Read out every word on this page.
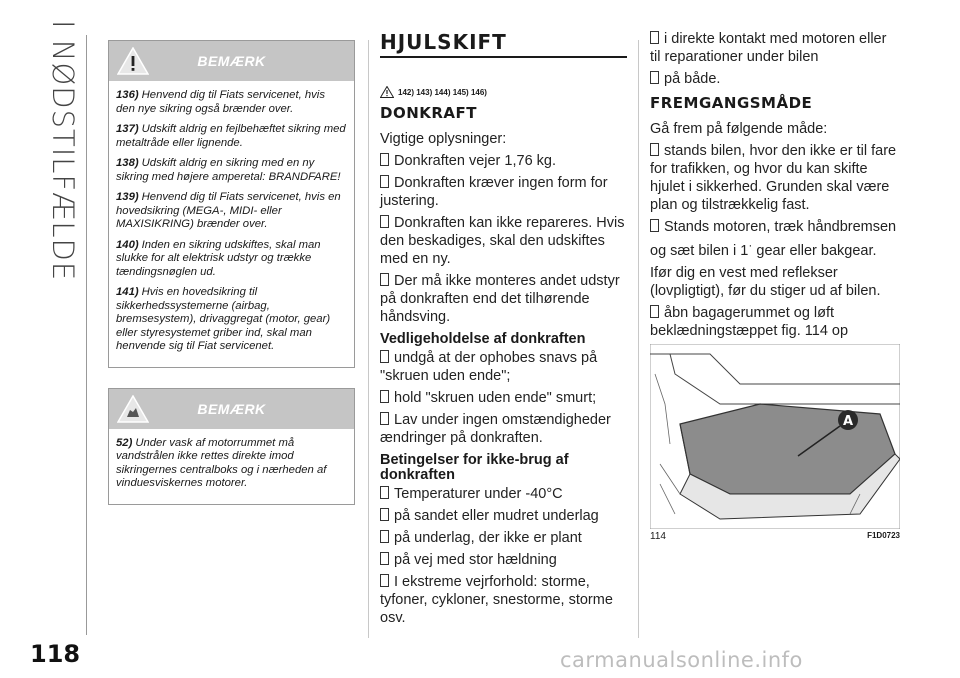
I NØDSTILFÆLDE
118	carmanualsonline.info
BEMÆRK

136) Henvend dig til Fiats servicenet, hvis den nye sikring også brænder over.

137) Udskift aldrig en fejlbehæftet sikring med metaltråde eller lignende.

138) Udskift aldrig en sikring med en ny sikring med højere amperetal: BRANDFARE!

139) Henvend dig til Fiats servicenet, hvis en hovedsikring (MEGA-, MIDI- eller MAXISIKRING) brænder over.

140) Inden en sikring udskiftes, skal man slukke for alt elektrisk udstyr og trække tændingsnøglen ud.

141) Hvis en hovedsikring til sikkerhedssystemerne (airbag, bremsesystem), drivaggregat (motor, gear) eller styresystemet griber ind, skal man henvende sig til Fiat servicenet.

BEMÆRK

52) Under vask af motorrummet må vandstrålen ikke rettes direkte imod sikringernes centralboks og i nærheden af vinduesviskernes motorer.

HJULSKIFT
142) 143) 144) 145) 146)
DONKRAFT

Vigtige oplysninger:

Donkraften vejer 1,76 kg.

Donkraften kræver ingen form for justering.

Donkraften kan ikke repareres. Hvis den beskadiges, skal den udskiftes med en ny.

Der må ikke monteres andet udstyr på donkraften end det tilhørende håndsving.

Vedligeholdelse af donkraften

undgå at der ophobes snavs på "skruen uden ende";

hold "skruen uden ende" smurt;

Lav under ingen omstændigheder ændringer på donkraften.

Betingelser for ikke-brug af donkraften

Temperaturer under -40°C

på sandet eller mudret underlag

på underlag, der ikke er plant

på vej med stor hældning

I ekstreme vejrforhold: storme, tyfoner, cykloner, snestorme, storme osv.

i direkte kontakt med motoren eller til reparationer under bilen

på både.

FREMGANGSMÅDE

Gå frem på følgende måde:

stands bilen, hvor den ikke er til fare for trafikken, og hvor du kan skifte hjulet i sikkerhed. Grunden skal være plan og tilstrækkelig fast.

Stands motoren, træk håndbremsen og sæt bilen i 1· gear eller bakgear.

Ifør dig en vest med reflekser (lovpligtigt), før du stiger ud af bilen.

åbn bagagerummet og løft beklædningstæppet fig. 114 op

A
114	F1D0723
